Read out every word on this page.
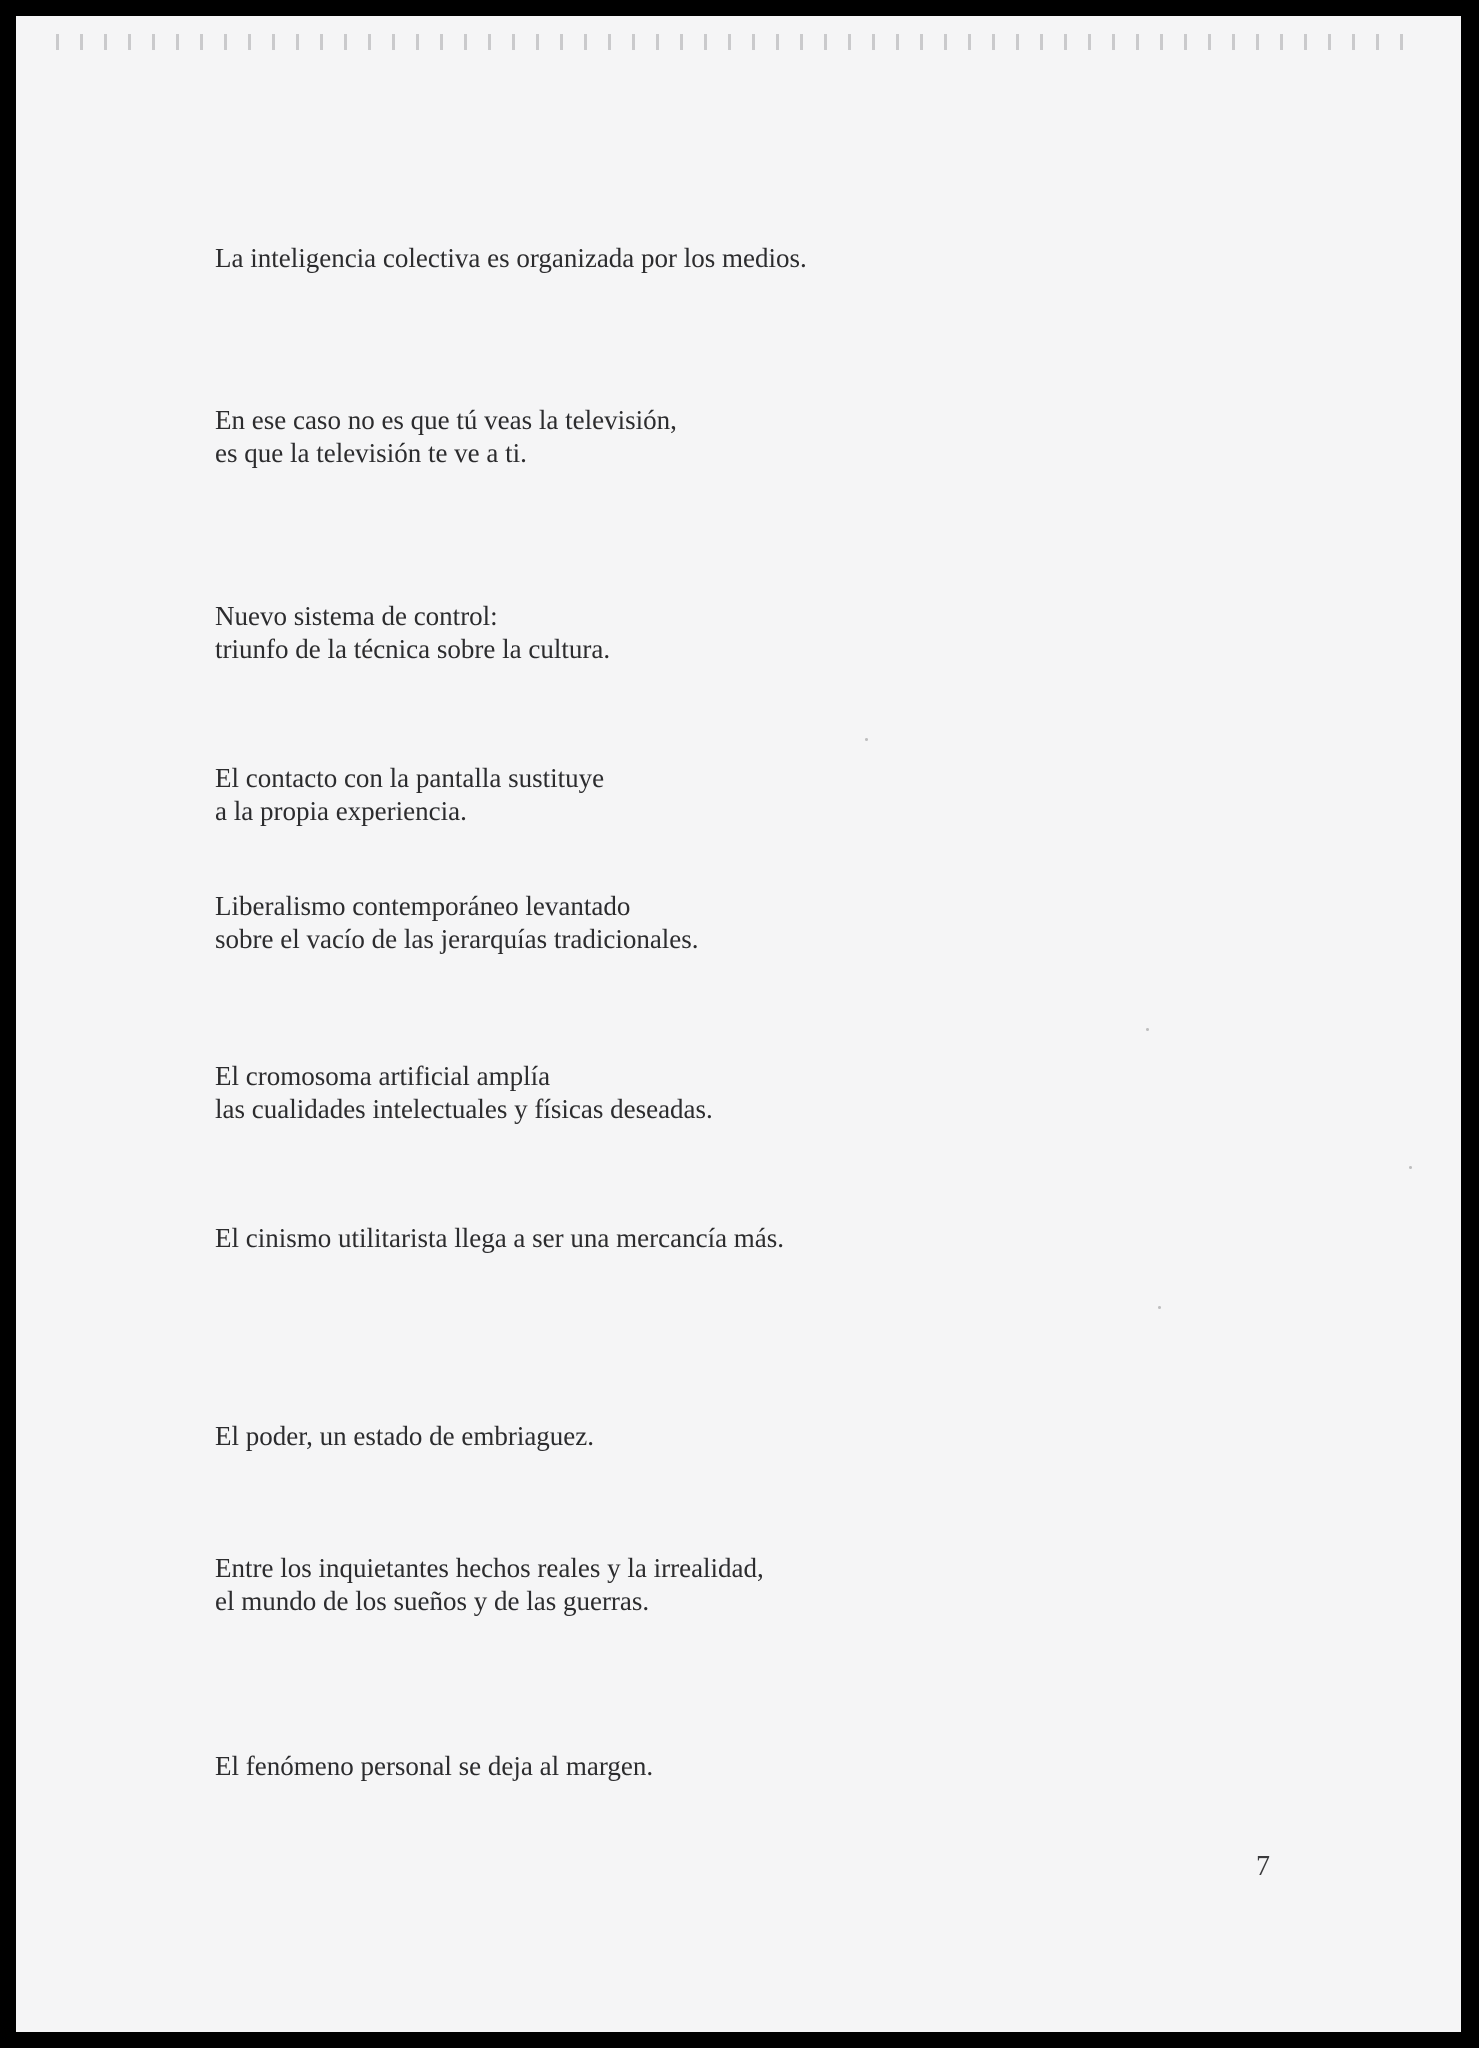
La inteligencia colectiva es organizada por los medios.

En ese caso no es que tú veas la televisión,
es que la televisión te ve a ti.

Nuevo sistema de control:
triunfo de la técnica sobre la cultura.

El contacto con la pantalla sustituye
a la propia experiencia.

Liberalismo contemporáneo levantado
sobre el vacío de las jerarquías tradicionales.

El cromosoma artificial amplía
las cualidades intelectuales y físicas deseadas.

El cinismo utilitarista llega a ser una mercancía más.

El poder, un estado de embriaguez.

Entre los inquietantes hechos reales y la irrealidad,
el mundo de los sueños y de las guerras.

El fenómeno personal se deja al margen.

7
